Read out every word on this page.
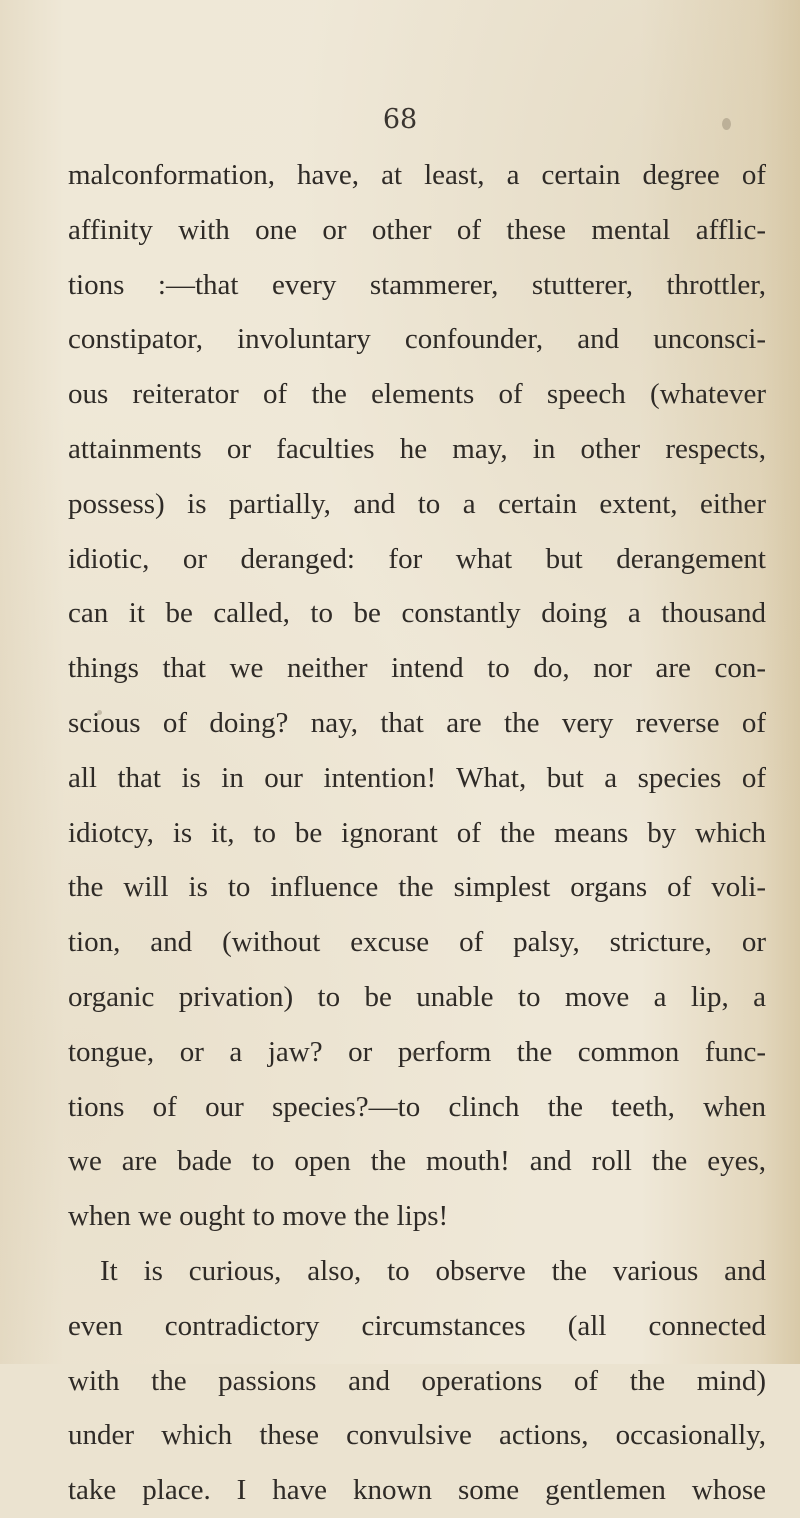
68
malconformation, have, at least, a certain degree of
affinity with one or other of these mental afflic-
tions :—that every stammerer, stutterer, throttler,
constipator, involuntary confounder, and unconsci-
ous reiterator of the elements of speech (whatever
attainments or faculties he may, in other respects,
possess) is partially, and to a certain extent, either
idiotic, or deranged: for what but derangement
can it be called, to be constantly doing a thousand
things that we neither intend to do, nor are con-
scious of doing? nay, that are the very reverse of
all that is in our intention! What, but a species of
idiotcy, is it, to be ignorant of the means by which
the will is to influence the simplest organs of voli-
tion, and (without excuse of palsy, stricture, or
organic privation) to be unable to move a lip, a
tongue, or a jaw? or perform the common func-
tions of our species?—to clinch the teeth, when
we are bade to open the mouth! and roll the eyes,
when we ought to move the lips!
It is curious, also, to observe the various and
even contradictory circumstances (all connected
with the passions and operations of the mind)
under which these convulsive actions, occasionally,
take place. I have known some gentlemen whose
